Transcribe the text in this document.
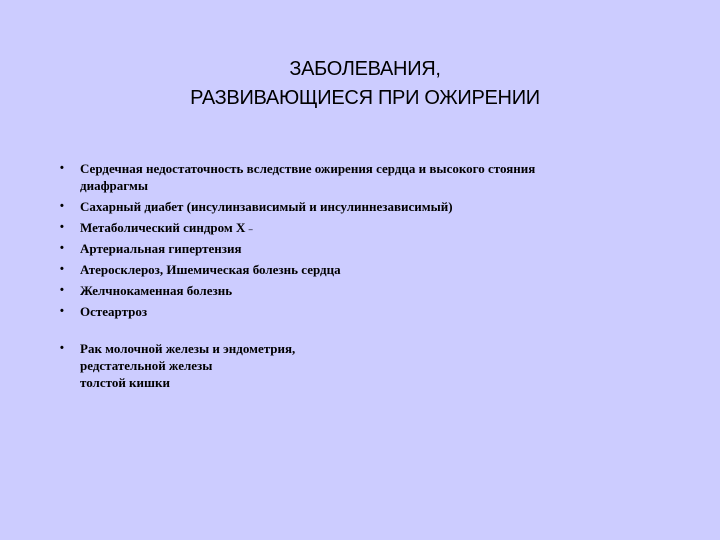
ЗАБОЛЕВАНИЯ,
РАЗВИВАЮЩИЕСЯ ПРИ ОЖИРЕНИИ
• Сердечная недостаточность вследствие ожирения сердца и высокого стояния
диафрагмы
• Сахарный диабет (инсулинзависимый и инсулиннезависимый)
• Метаболический синдром Х –
• Артериальная гипертензия
• Атеросклероз, Ишемическая болезнь сердца
• Желчнокаменная болезнь
• Остеартроз
• Рак молочной железы и эндометрия,
редстательной железы
толстой кишки
